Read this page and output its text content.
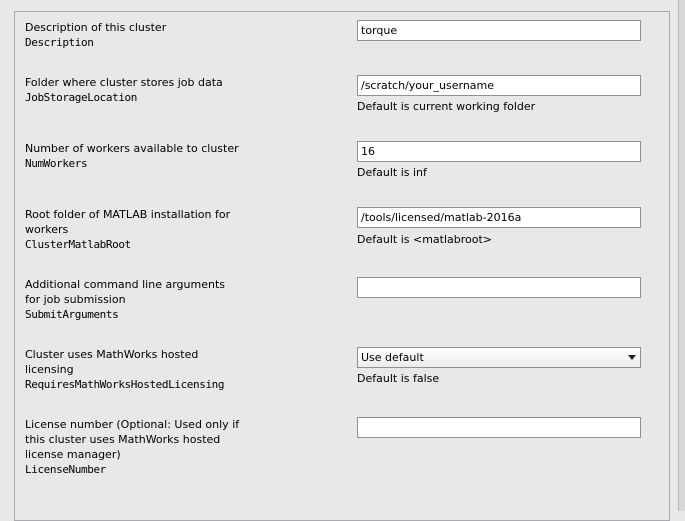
Description of this cluster
Description
torque
Folder where cluster stores job data
JobStorageLocation
/scratch/your_username
Default is current working folder
Number of workers available to cluster
NumWorkers
16
Default is inf
Root folder of MATLAB installation for
workers
ClusterMatlabRoot
/tools/licensed/matlab-2016a	Default is <matlabroot>
Additional command line arguments
for job submission
SubmitArguments
Cluster uses MathWorks hosted
licensing
RequiresMathWorksHostedLicensing
Use default
Default is false
License number (Optional: Used only if
this cluster uses MathWorks hosted
license manager)
LicenseNumber
